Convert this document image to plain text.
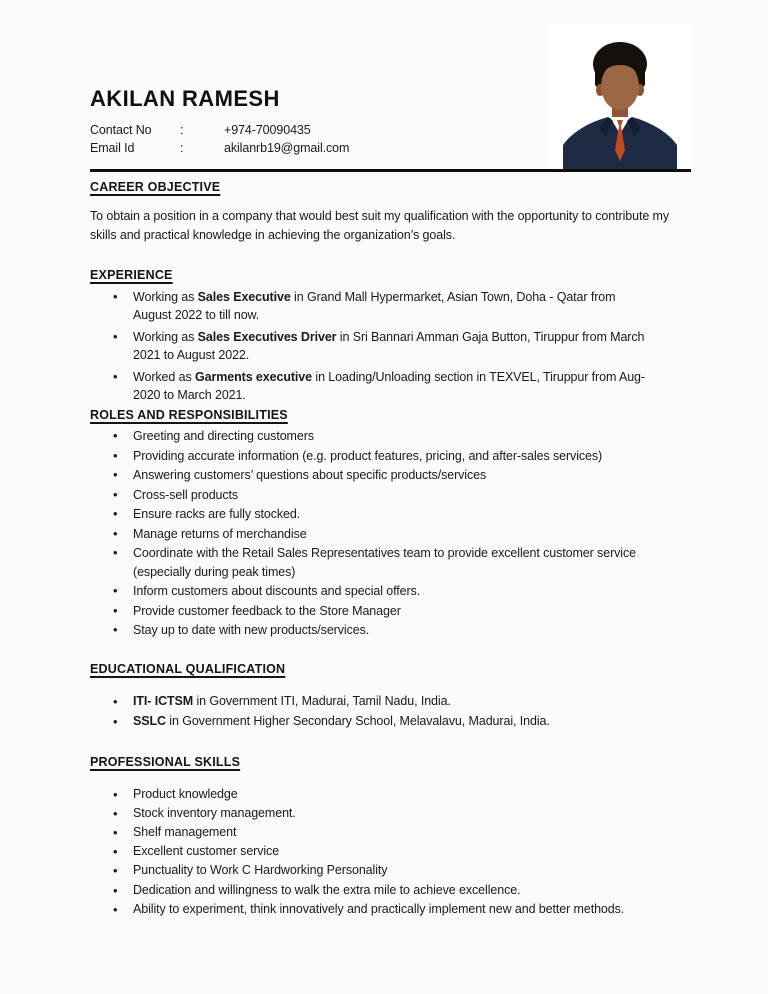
AKILAN RAMESH
Contact No	:	+974-70090435
Email Id	:	akilanrb19@gmail.com
CAREER OBJECTIVE

To obtain a position in a company that would best suit my qualification with the opportunity to contribute my skills and practical knowledge in achieving the organization’s goals.

EXPERIENCE
• Working as Sales Executive in Grand Mall Hypermarket, Asian Town, Doha - Qatar from August 2022 to till now.
• Working as Sales Executives Driver in Sri Bannari Amman Gaja Button, Tiruppur from March 2021 to August 2022.
• Worked as Garments executive in Loading/Unloading section in TEXVEL, Tiruppur from Aug-2020 to March 2021.
ROLES AND RESPONSIBILITIES
• Greeting and directing customers
• Providing accurate information (e.g. product features, pricing, and after-sales services)
• Answering customers’ questions about specific products/services
• Cross-sell products
• Ensure racks are fully stocked.
• Manage returns of merchandise
• Coordinate with the Retail Sales Representatives team to provide excellent customer service (especially during peak times)
• Inform customers about discounts and special offers.
• Provide customer feedback to the Store Manager
• Stay up to date with new products/services.
EDUCATIONAL QUALIFICATION
• ITI- ICTSM in Government ITI, Madurai, Tamil Nadu, India.
• SSLC in Government Higher Secondary School, Melavalavu, Madurai, India.
PROFESSIONAL SKILLS
• Product knowledge
• Stock inventory management.
• Shelf management
• Excellent customer service
• Punctuality to Work C Hardworking Personality
• Dedication and willingness to walk the extra mile to achieve excellence.
• Ability to experiment, think innovatively and practically implement new and better methods.
